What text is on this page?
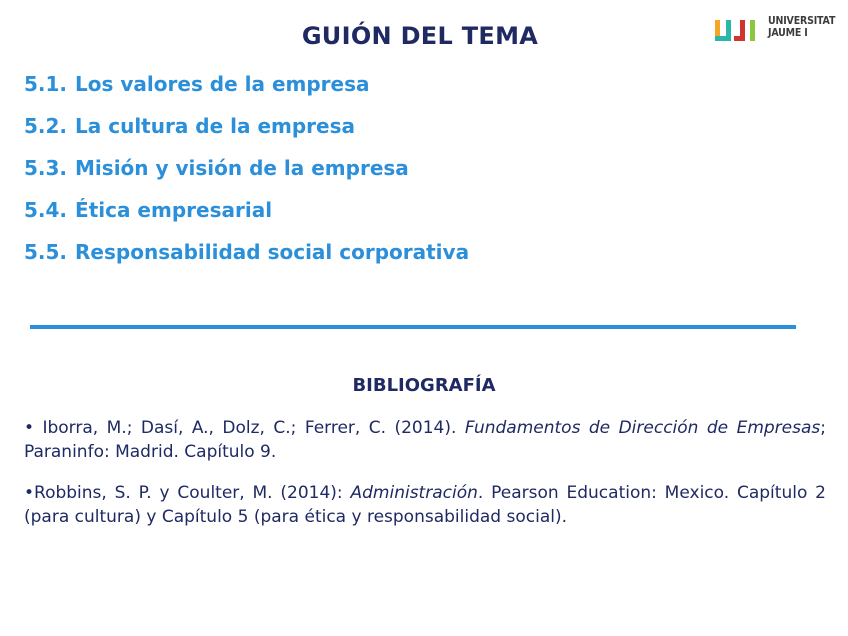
GUIÓN DEL TEMA
UNIVERSITAT
JAUME I
5.1. Los valores de la empresa
5.2. La cultura de la empresa
5.3. Misión y visión de la empresa
5.4. Ética empresarial
5.5. Responsabilidad social corporativa
BIBLIOGRAFÍA

• Iborra, M.; Dasí, A., Dolz, C.; Ferrer, C. (2014). Fundamentos de Dirección de Empresas; Paraninfo: Madrid. Capítulo 9.

•Robbins, S. P. y Coulter, M. (2014): Administración. Pearson Education: Mexico. Capítulo 2 (para cultura) y Capítulo 5 (para ética y responsabilidad social).
